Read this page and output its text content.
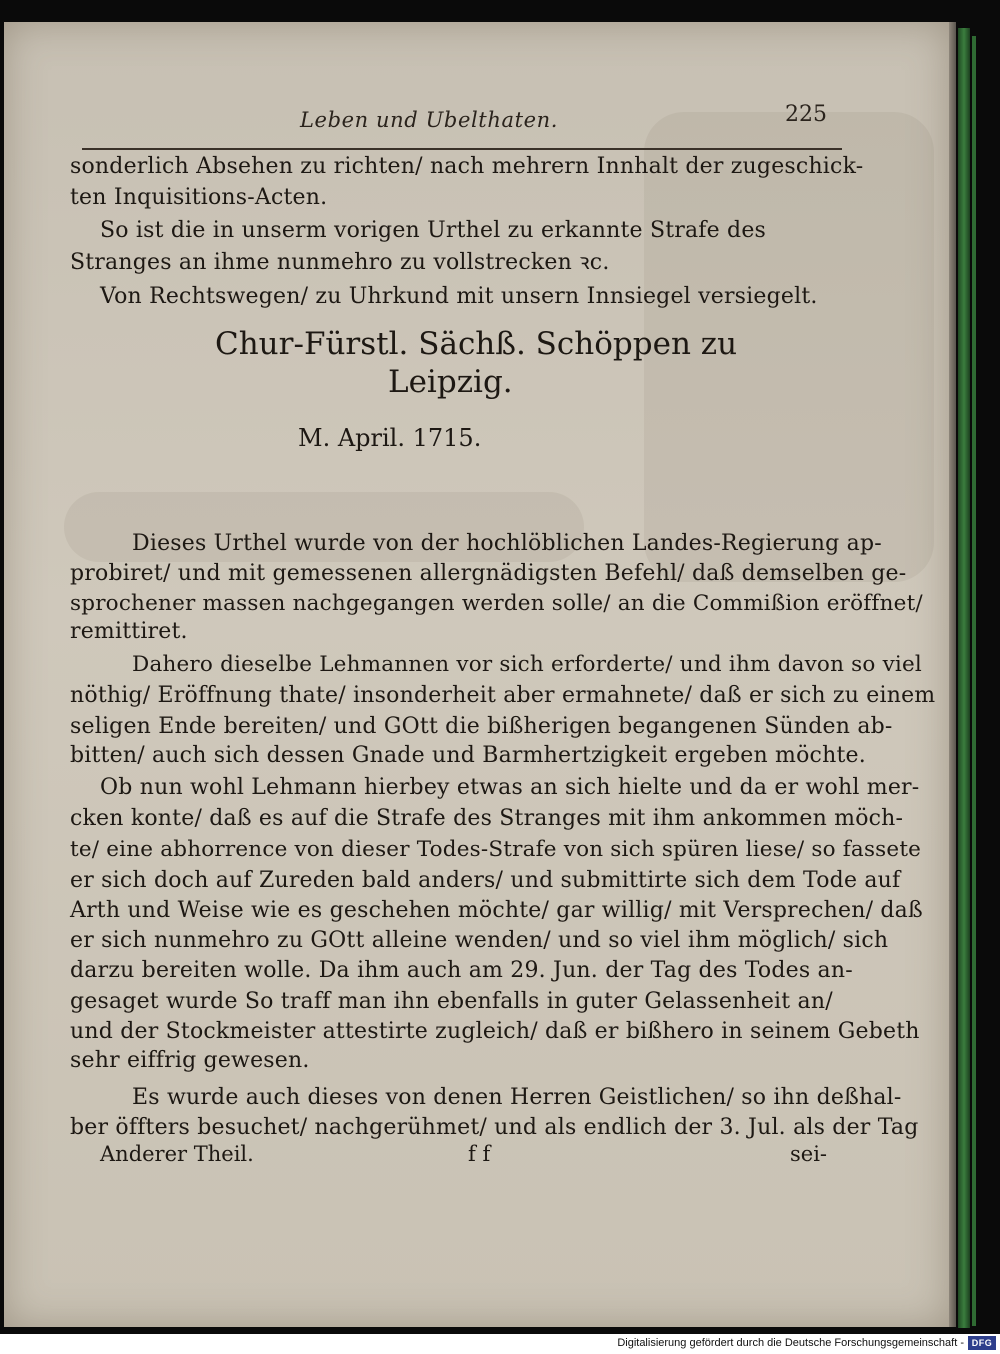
Leben und Ubelthaten.	225
sonderlich Absehen zu richten/ nach mehrern Innhalt der zugeschick-
ten Inquisitions-Acten.
So ist die in unserm vorigen Urthel zu erkannte Strafe des
Stranges an ihme nunmehro zu vollstrecken ꝛc.
Von Rechtswegen/ zu Uhrkund mit unsern Innsiegel versiegelt.
Chur-Fürstl. Sächß. Schöppen zu
Leipzig.
M. April. 1715.
Dieses Urthel wurde von der hochlöblichen Landes-Regierung ap-
probiret/ und mit gemessenen allergnädigsten Befehl/ daß demselben ge-
sprochener massen nachgegangen werden solle/ an die Commißion eröffnet/
remittiret.
Dahero dieselbe Lehmannen vor sich erforderte/ und ihm davon so viel
nöthig/ Eröffnung thate/ insonderheit aber ermahnete/ daß er sich zu einem
seligen Ende bereiten/ und GOtt die bißherigen begangenen Sünden ab-
bitten/ auch sich dessen Gnade und Barmhertzigkeit ergeben möchte.
Ob nun wohl Lehmann hierbey etwas an sich hielte und da er wohl mer-
cken konte/ daß es auf die Strafe des Stranges mit ihm ankommen möch-
te/ eine abhorrence von dieser Todes-Strafe von sich spüren liese/ so fassete
er sich doch auf Zureden bald anders/ und submittirte sich dem Tode auf
Arth und Weise wie es geschehen möchte/ gar willig/ mit Versprechen/ daß
er sich nunmehro zu GOtt alleine wenden/ und so viel ihm möglich/ sich
darzu bereiten wolle. Da ihm auch am 29. Jun. der Tag des Todes an-
gesaget wurde So traff man ihn ebenfalls in guter Gelassenheit an/
und der Stockmeister attestirte zugleich/ daß er bißhero in seinem Gebeth
sehr eiffrig gewesen.
Es wurde auch dieses von denen Herren Geistlichen/ so ihn deßhal-
ber öffters besuchet/ nachgerühmet/ und als endlich der 3. Jul. als der Tag
Anderer Theil.	f f	sei-
Digitalisierung gefördert durch die Deutsche Forschungsgemeinschaft - DFG
